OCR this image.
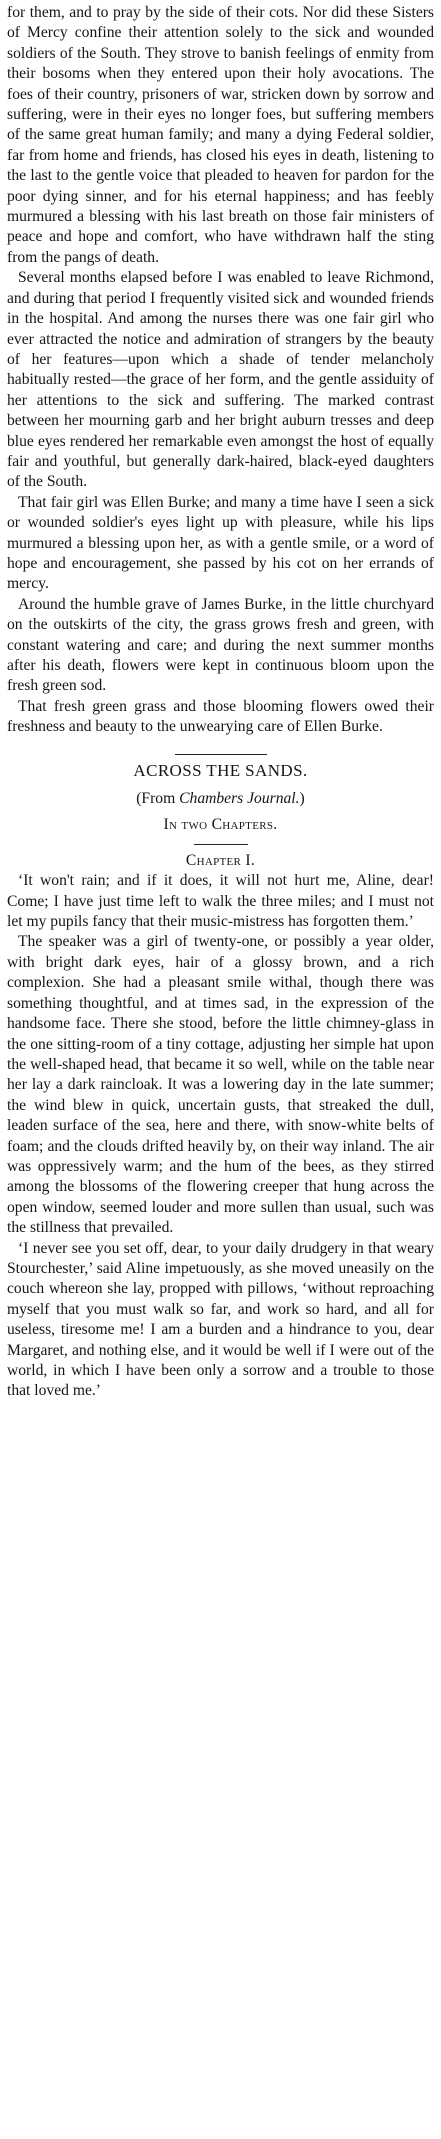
for them, and to pray by the side of their cots. Nor did these Sisters of Mercy confine their attention solely to the sick and wounded soldiers of the South. They strove to banish feelings of enmity from their bosoms when they entered upon their holy avocations. The foes of their country, prisoners of war, stricken down by sorrow and suffering, were in their eyes no longer foes, but suffering members of the same great human family; and many a dying Federal soldier, far from home and friends, has closed his eyes in death, listening to the last to the gentle voice that pleaded to heaven for pardon for the poor dying sinner, and for his eternal happiness; and has feebly murmured a blessing with his last breath on those fair ministers of peace and hope and comfort, who have withdrawn half the sting from the pangs of death.

Several months elapsed before I was enabled to leave Richmond, and during that period I frequently visited sick and wounded friends in the hospital. And among the nurses there was one fair girl who ever attracted the notice and admiration of strangers by the beauty of her features—upon which a shade of tender melancholy habitually rested—the grace of her form, and the gentle assiduity of her attentions to the sick and suffering. The marked contrast between her mourning garb and her bright auburn tresses and deep blue eyes rendered her remarkable even amongst the host of equally fair and youthful, but generally dark-haired, black-eyed daughters of the South.

That fair girl was Ellen Burke; and many a time have I seen a sick or wounded soldier's eyes light up with pleasure, while his lips murmured a blessing upon her, as with a gentle smile, or a word of hope and encouragement, she passed by his cot on her errands of mercy.

Around the humble grave of James Burke, in the little churchyard on the outskirts of the city, the grass grows fresh and green, with constant watering and care; and during the next summer months after his death, flowers were kept in continuous bloom upon the fresh green sod.

That fresh green grass and those blooming flowers owed their freshness and beauty to the unwearying care of Ellen Burke.

ACROSS THE SANDS.
(From Chambers Journal.)
In two Chapters.
Chapter I.

‘It won't rain; and if it does, it will not hurt me, Aline, dear! Come; I have just time left to walk the three miles; and I must not let my pupils fancy that their music-mistress has forgotten them.’

The speaker was a girl of twenty-one, or possibly a year older, with bright dark eyes, hair of a glossy brown, and a rich complexion. She had a pleasant smile withal, though there was something thoughtful, and at times sad, in the expression of the handsome face. There she stood, before the little chimney-glass in the one sitting-room of a tiny cottage, adjusting her simple hat upon the well-shaped head, that became it so well, while on the table near her lay a dark raincloak. It was a lowering day in the late summer; the wind blew in quick, uncertain gusts, that streaked the dull, leaden surface of the sea, here and there, with snow-white belts of foam; and the clouds drifted heavily by, on their way inland. The air was oppressively warm; and the hum of the bees, as they stirred among the blossoms of the flowering creeper that hung across the open window, seemed louder and more sullen than usual, such was the stillness that prevailed.

‘I never see you set off, dear, to your daily drudgery in that weary Stourchester,’ said Aline impetuously, as she moved uneasily on the couch whereon she lay, propped with pillows, ‘without reproaching myself that you must walk so far, and work so hard, and all for useless, tiresome me! I am a burden and a hindrance to you, dear Margaret, and nothing else, and it would be well if I were out of the world, in which I have been only a sorrow and a trouble to those that loved me.’
